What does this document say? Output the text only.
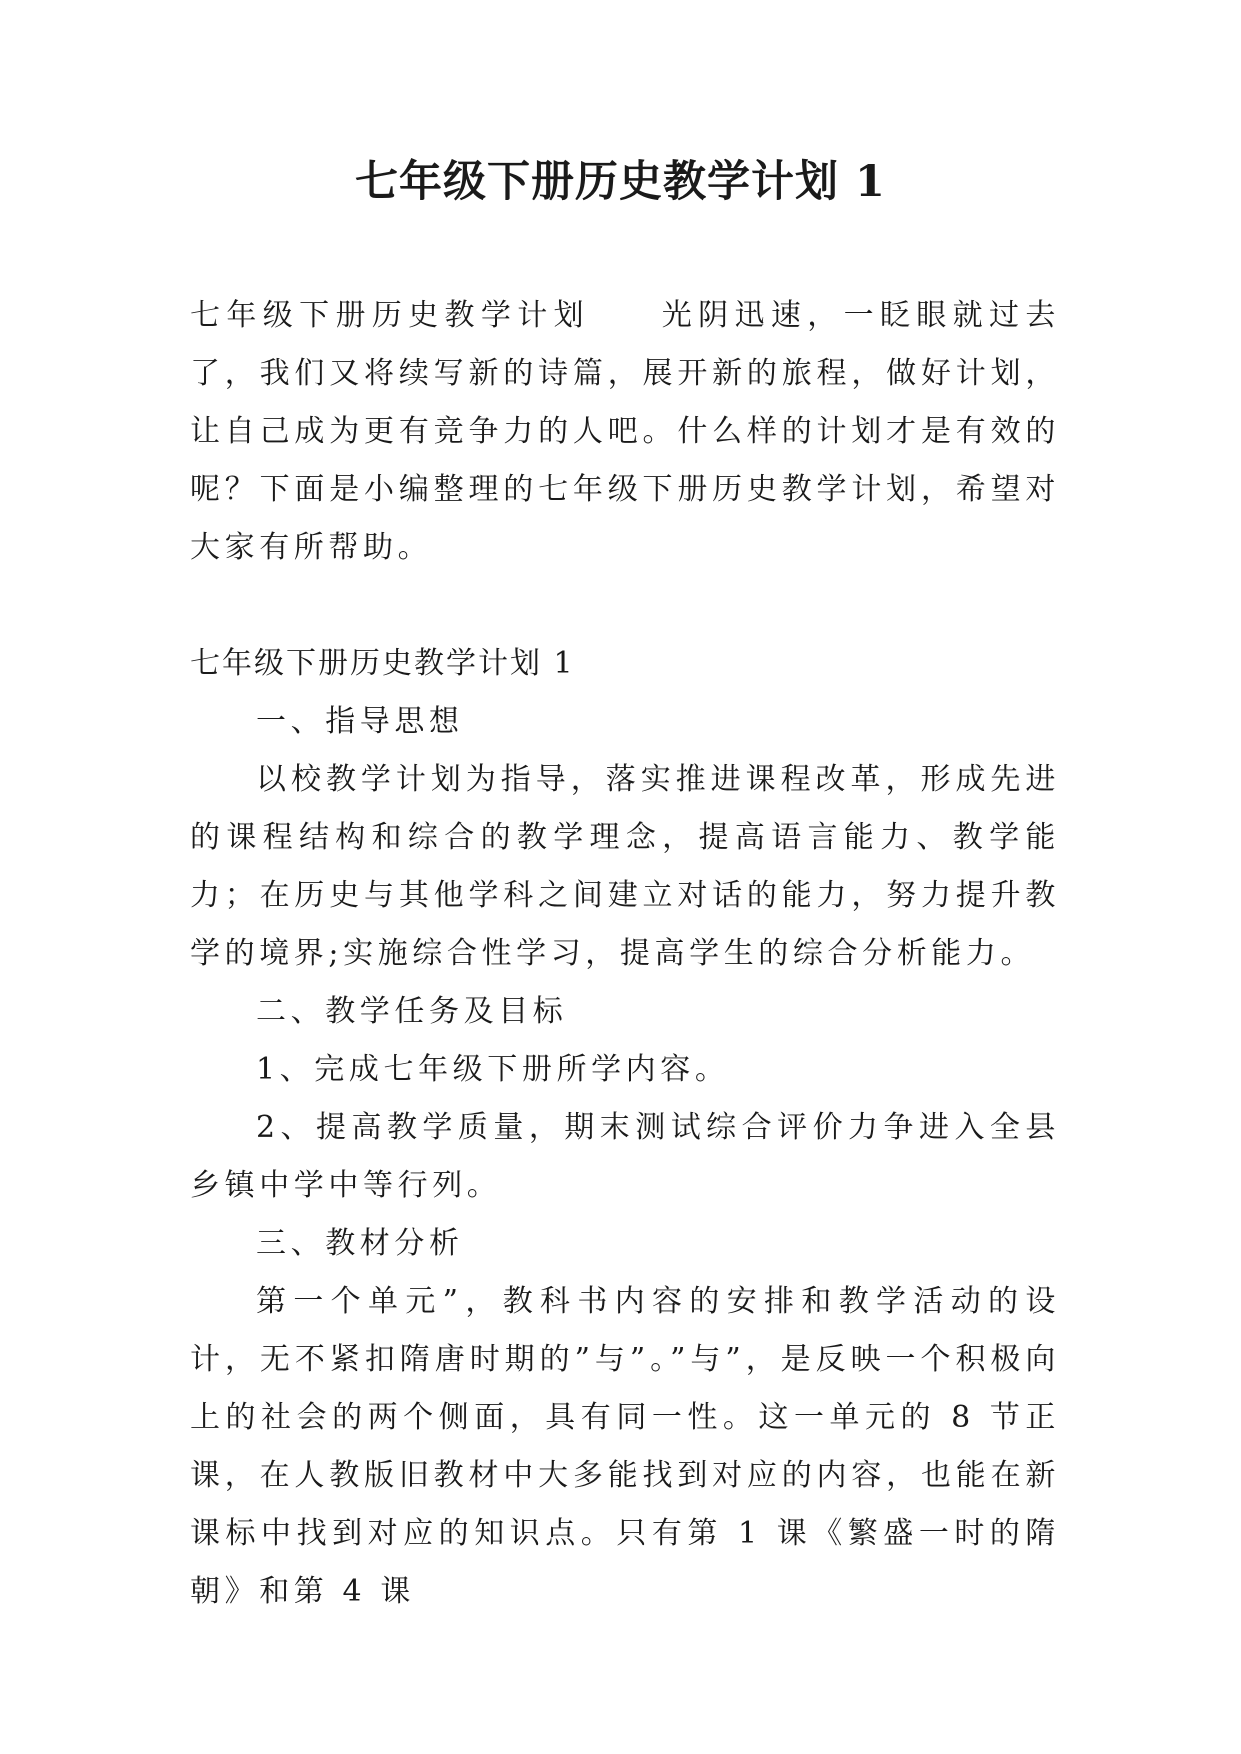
七年级下册历史教学计划 1

七年级下册历史教学计划 光阴迅速，一眨眼就过去了，我们又将续写新的诗篇，展开新的旅程，做好计划，让自己成为更有竞争力的人吧。什么样的计划才是有效的呢？下面是小编整理的七年级下册历史教学计划，希望对大家有所帮助。

七年级下册历史教学计划 1

一、指导思想

以校教学计划为指导，落实推进课程改革，形成先进的课程结构和综合的教学理念，提高语言能力、教学能力；在历史与其他学科之间建立对话的能力，努力提升教学的境界;实施综合性学习，提高学生的综合分析能力。

二、教学任务及目标

1、完成七年级下册所学内容。

2、提高教学质量，期末测试综合评价力争进入全县乡镇中学中等行列。

三、教材分析

第一个单元”，教科书内容的安排和教学活动的设计，无不紧扣隋唐时期的”与”。”与”，是反映一个积极向上的社会的两个侧面，具有同一性。这一单元的 8 节正课，在人教版旧教材中大多能找到对应的内容，也能在新课标中找到对应的知识点。只有第 1 课《繁盛一时的隋朝》和第 4 课
